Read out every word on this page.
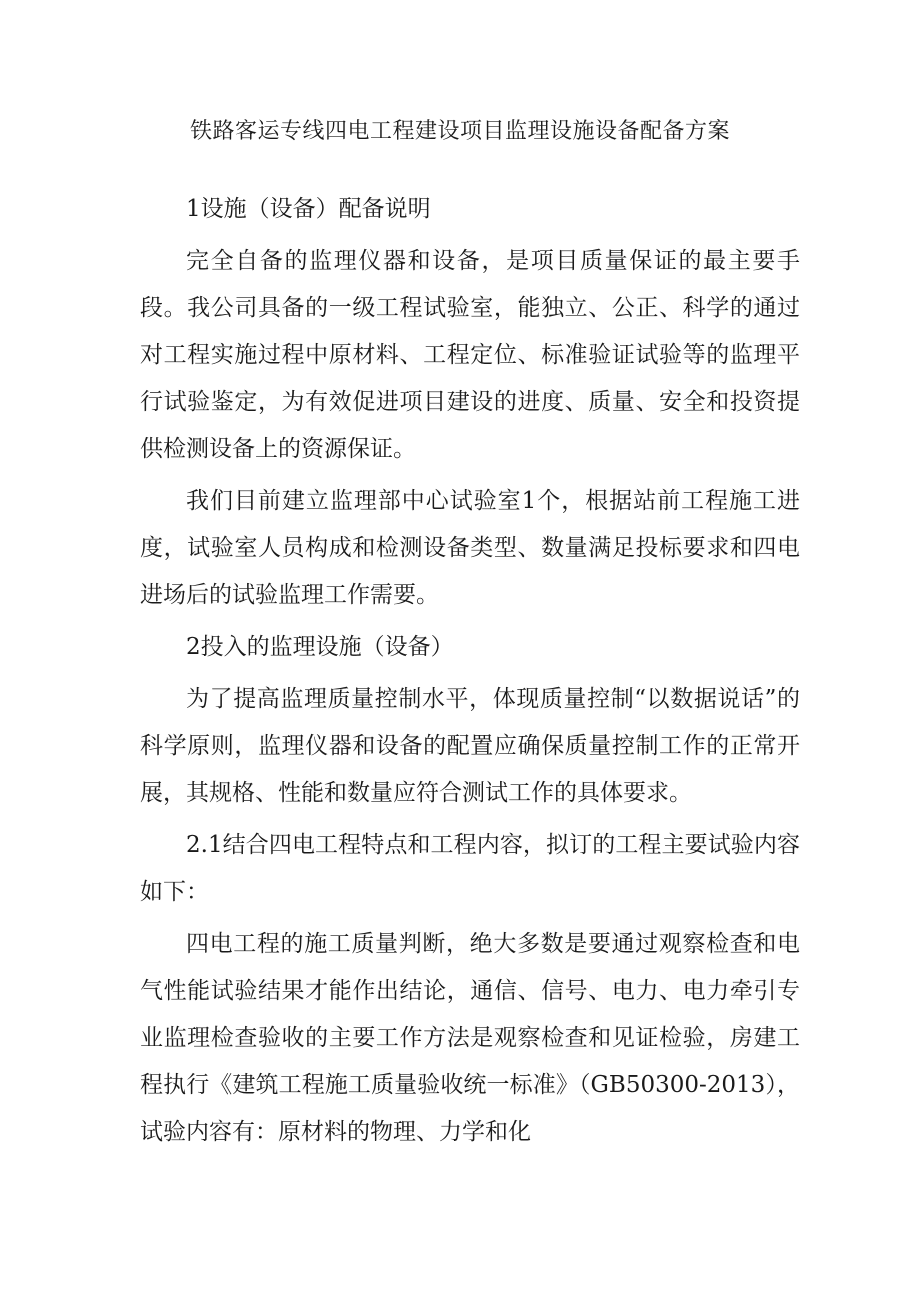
铁路客运专线四电工程建设项目监理设施设备配备方案

1设施（设备）配备说明

完全自备的监理仪器和设备，是项目质量保证的最主要手段。我公司具备的一级工程试验室，能独立、公正、科学的通过对工程实施过程中原材料、工程定位、标准验证试验等的监理平行试验鉴定，为有效促进项目建设的进度、质量、安全和投资提供检测设备上的资源保证。

我们目前建立监理部中心试验室1个，根据站前工程施工进度，试验室人员构成和检测设备类型、数量满足投标要求和四电进场后的试验监理工作需要。

2投入的监理设施（设备）

为了提高监理质量控制水平，体现质量控制“以数据说话”的科学原则，监理仪器和设备的配置应确保质量控制工作的正常开展，其规格、性能和数量应符合测试工作的具体要求。

2.1结合四电工程特点和工程内容，拟订的工程主要试验内容如下：

四电工程的施工质量判断，绝大多数是要通过观察检查和电气性能试验结果才能作出结论，通信、信号、电力、电力牵引专业监理检查验收的主要工作方法是观察检查和见证检验，房建工程执行《建筑工程施工质量验收统一标准》（GB50300-2013），试验内容有：原材料的物理、力学和化
